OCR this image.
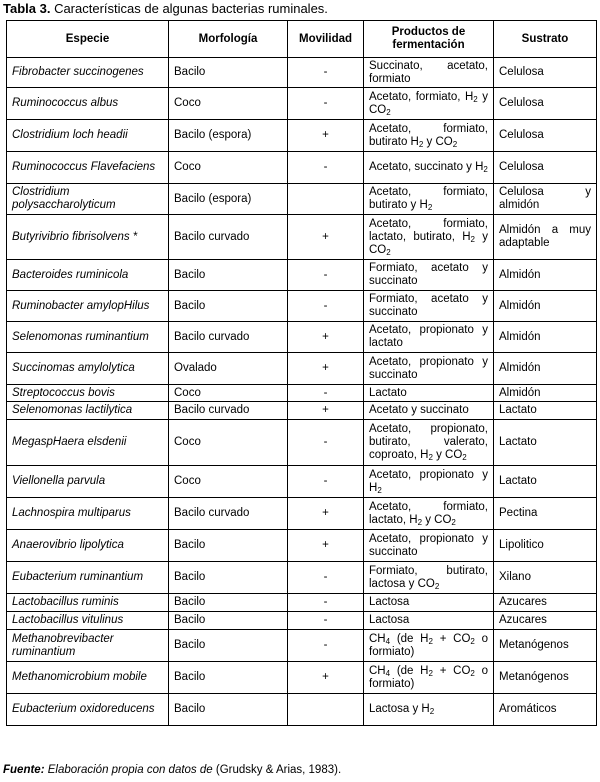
Tabla 3. Características de algunas bacterias ruminales.
Especie	Morfología	Movilidad	Productos de fermentación	Sustrato
Fibrobacter succinogenes	Bacilo	-	Succinato, acetato, formiato	Celulosa
Ruminococcus albus	Coco	-	Acetato, formiato, $H_2$ y $CO_2$	Celulosa
Clostridium loch headii	Bacilo (espora)	+	Acetato, formiato, butirato $H_2$ y $CO_2$	Celulosa
Ruminococcus Flavefaciens	Coco	-	Acetato, succinato y $H_2$	Celulosa
Clostridium polysaccharolyticum	Bacilo (espora)		Acetato, formiato, butirato y $H_2$	Celulosa y almidón
Butyrivibrio fibrisolvens *	Bacilo curvado	+	Acetato, formiato, lactato, butirato, $H_2$ y $CO_2$	Almidón a muy adaptable
Bacteroides ruminicola	Bacilo	-	Formiato, acetato y succinato	Almidón
Ruminobacter amylopHilus	Bacilo	-	Formiato, acetato y succinato	Almidón
Selenomonas ruminantium	Bacilo curvado	+	Acetato, propionato y lactato	Almidón
Succinomas amylolytica	Ovalado	+	Acetato, propionato y succinato	Almidón
Streptococcus bovis	Coco	-	Lactato	Almidón
Selenomonas lactilytica	Bacilo curvado	+	Acetato y succinato	Lactato
MegaspHaera elsdenii	Coco	-	Acetato, propionato, butirato, valerato, coproato, $H_2$ y $CO_2$	Lactato
Viellonella parvula	Coco	-	Acetato, propionato y $H_2$	Lactato
Lachnospira multiparus	Bacilo curvado	+	Acetato, formiato, lactato, $H_2$ y $CO_2$	Pectina
Anaerovibrio lipolytica	Bacilo	+	Acetato, propionato y succinato	Lipolitico
Eubacterium ruminantium	Bacilo	-	Formiato, butirato, lactosa y $CO_2$	Xilano
Lactobacillus ruminis	Bacilo	-	Lactosa	Azucares
Lactobacillus vitulinus	Bacilo	-	Lactosa	Azucares
Methanobrevibacter ruminantium	Bacilo	-	$CH_4$ (de $H_2 + CO_2$ o formiato)	Metanógenos
Methanomicrobium mobile	Bacilo	+	$CH_4$ (de $H_2 + CO_2$ o formiato)	Metanógenos
Eubacterium oxidoreducens	Bacilo		Lactosa y $H_2$	Aromáticos
Fuente: Elaboración propia con datos de (Grudsky & Arias, 1983).
